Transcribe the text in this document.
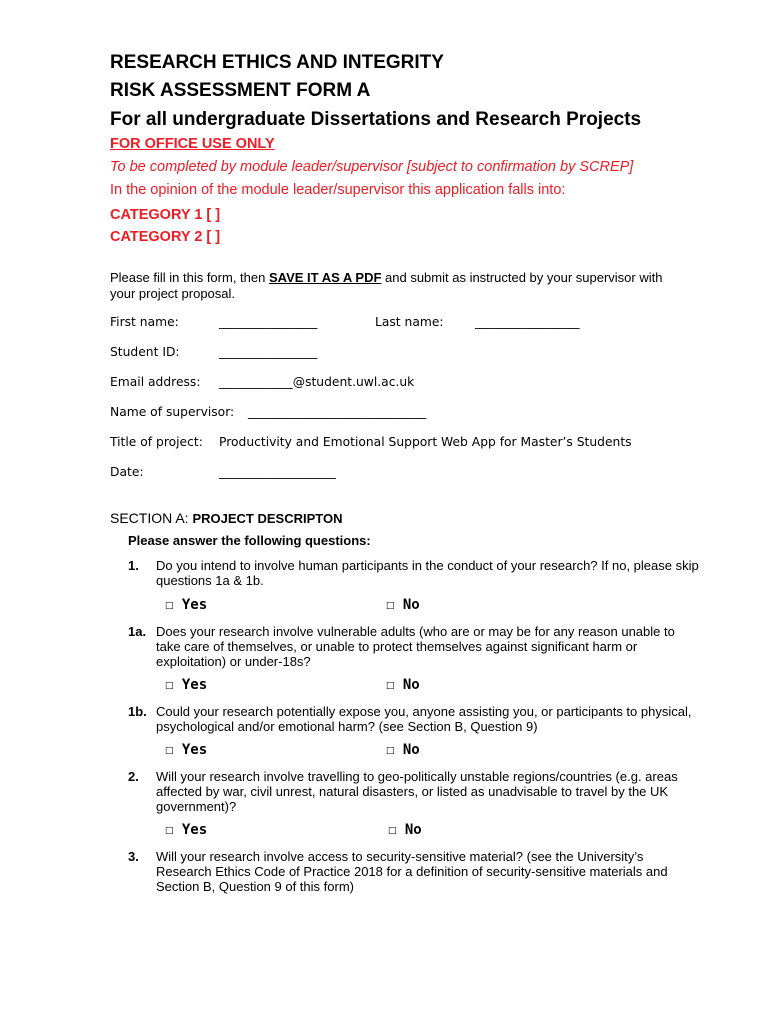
RESEARCH ETHICS AND INTEGRITY
RISK ASSESSMENT FORM A
For all undergraduate Dissertations and Research Projects
FOR OFFICE USE ONLY
To be completed by module leader/supervisor [subject to confirmation by SCREP]
In the opinion of the module leader/supervisor this application falls into:
CATEGORY 1 [ ]
CATEGORY 2 [ ]
Please fill in this form, then SAVE IT AS A PDF and submit as instructed by your supervisor with your project proposal.
First name:	________________	Last name:	_________________
Student ID:	________________
Email address: ____________@student.uwl.ac.uk
Name of supervisor: _____________________________
Title of project: Productivity and Emotional Support Web App for Master’s Students
Date:	___________________
SECTION A: PROJECT DESCRIPTON
Please answer the following questions:
1. Do you intend to involve human participants in the conduct of your research? If no, please skip questions 1a & 1b.
☐ Yes	☐ No
1a. Does your research involve vulnerable adults (who are or may be for any reason unable to take care of themselves, or unable to protect themselves against significant harm or exploitation) or under-18s?
☐ Yes	☐ No
1b. Could your research potentially expose you, anyone assisting you, or participants to physical, psychological and/or emotional harm? (see Section B, Question 9)
☐ Yes	☐ No
2. Will your research involve travelling to geo-politically unstable regions/countries (e.g. areas affected by war, civil unrest, natural disasters, or listed as unadvisable to travel by the UK government)?
☐ Yes	☐ No
3. Will your research involve access to security-sensitive material? (see the University’s Research Ethics Code of Practice 2018 for a definition of security-sensitive materials and Section B, Question 9 of this form)
